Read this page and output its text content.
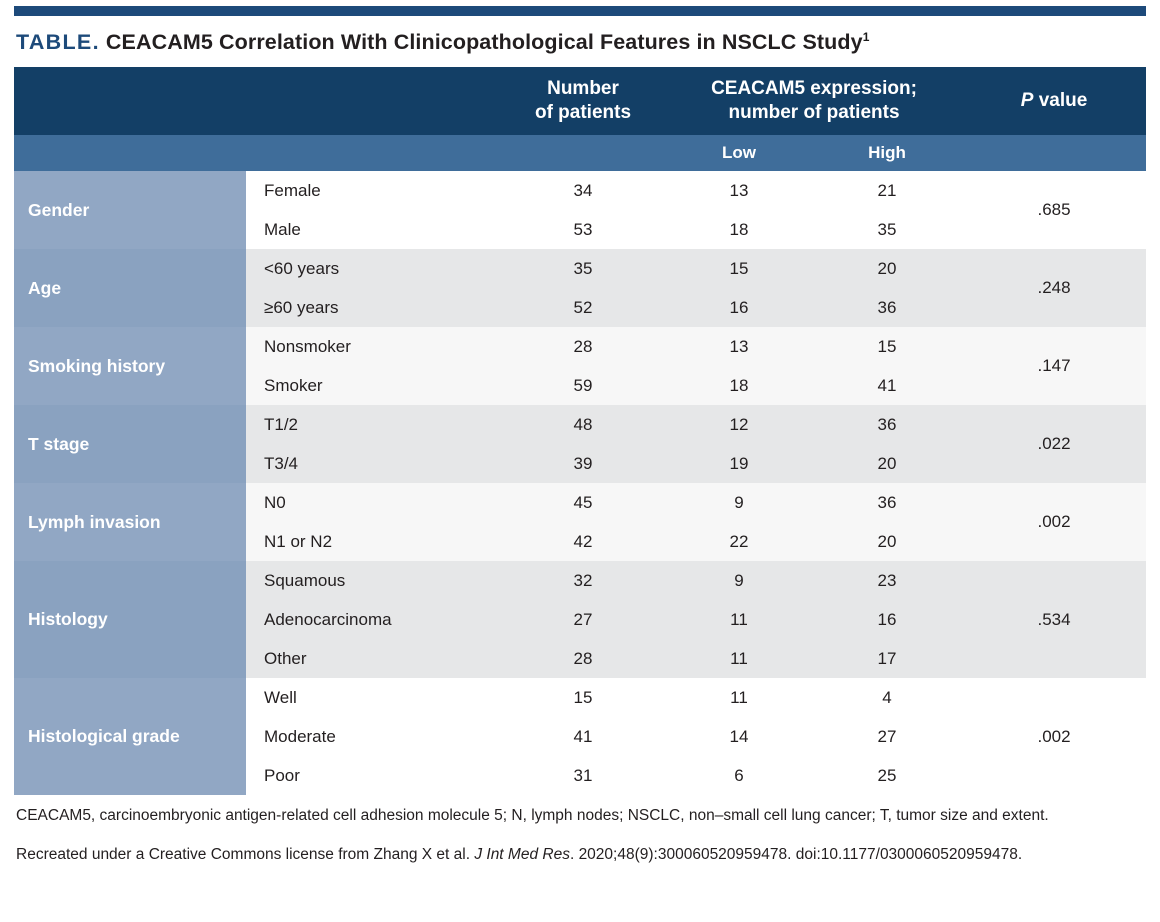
TABLE. CEACAM5 Correlation With Clinicopathological Features in NSCLC Study$^1$

Number
of patients

CEACAM5 expression;
number of patients
	P value
			Low	High	
Gender	Female	34	13	21	.685
	Male	53	18	35	
Age	<60 years	35	15	20	.248
	≥60 years	52	16	36	
Smoking history	Nonsmoker	28	13	15	.147
	Smoker	59	18	41	
T stage	T1/2	48	12	36	.022
	T3/4	39	19	20	
Lymph invasion	N0	45	9	36	.002
	N1 or N2	42	22	20	
Histology	Squamous	32	9	23	.534
	Adenocarcinoma	27	11	16	
	Other	28	11	17	
Histological grade	Well	15	11	4	.002
	Moderate	41	14	27	
	Poor	31	6	25	
CEACAM5, carcinoembryonic antigen-related cell adhesion molecule 5; N, lymph nodes; NSCLC, non–small cell lung cancer; T, tumor size and extent.
Recreated under a Creative Commons license from Zhang X et al. J Int Med Res. 2020;48(9):300060520959478. doi:10.1177/0300060520959478.
